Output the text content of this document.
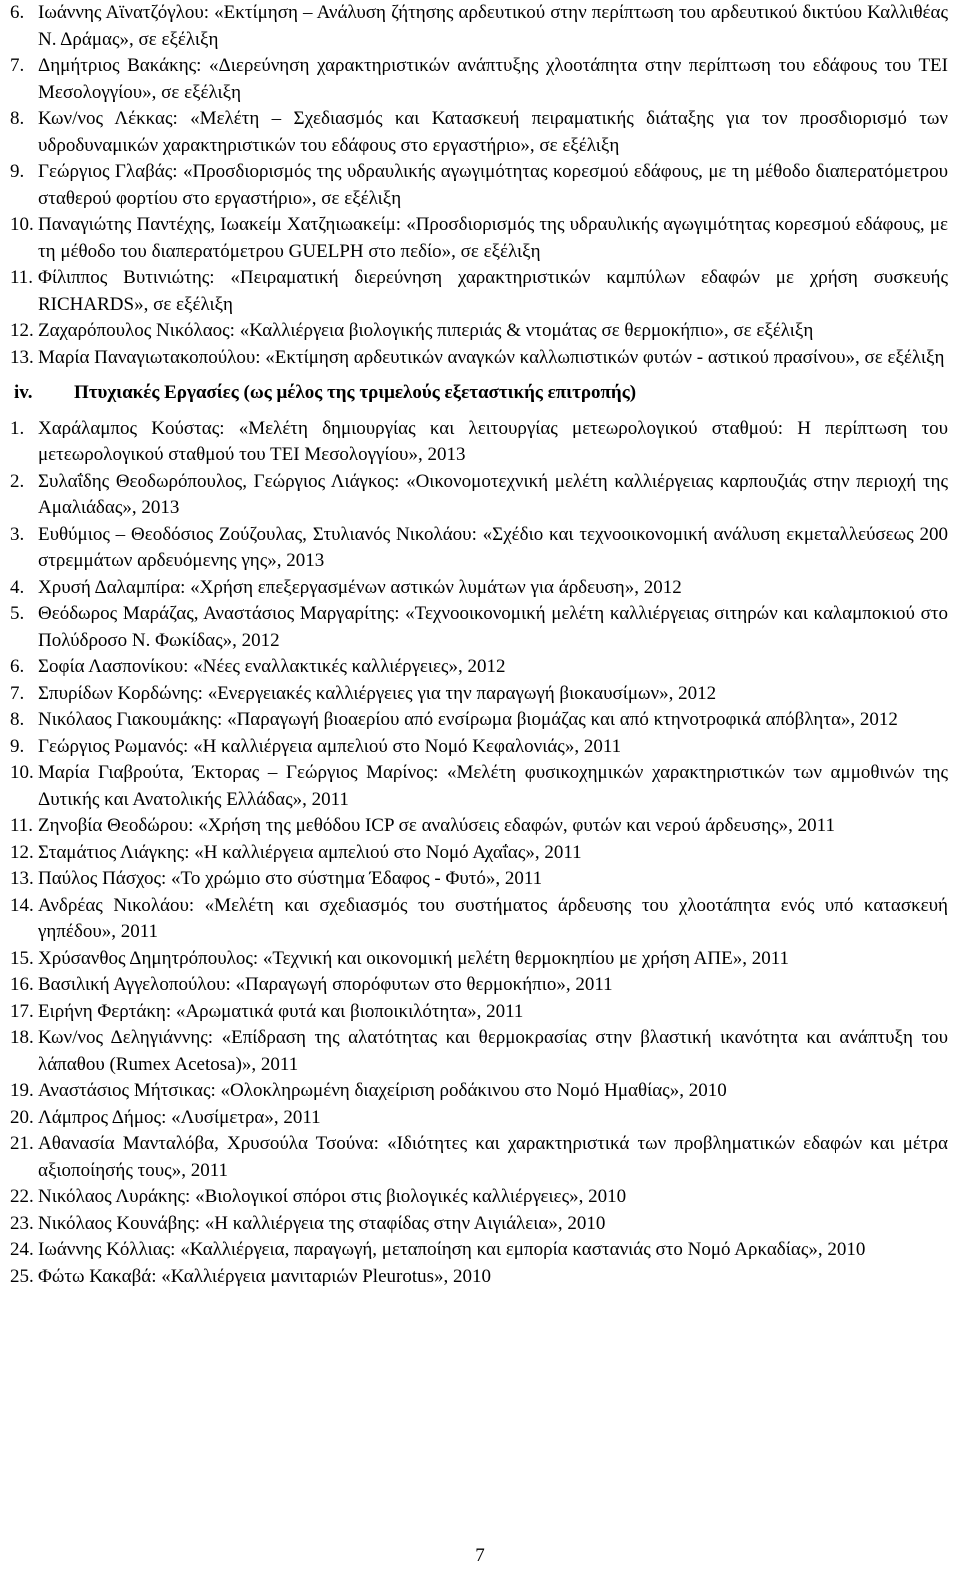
6. Ιωάννης Αϊνατζόγλου: «Εκτίμηση – Ανάλυση ζήτησης αρδευτικού στην περίπτωση του αρδευτικού δικτύου Καλλιθέας Ν. Δράμας», σε εξέλιξη
7. Δημήτριος Βακάκης: «Διερεύνηση χαρακτηριστικών ανάπτυξης χλοοτάπητα στην περίπτωση του εδάφους του ΤΕΙ Μεσολογγίου», σε εξέλιξη
8. Κων/νος Λέκκας: «Μελέτη – Σχεδιασμός και Κατασκευή πειραματικής διάταξης για τον προσδιορισμό των υδροδυναμικών χαρακτηριστικών του εδάφους στο εργαστήριο», σε εξέλιξη
9. Γεώργιος Γλαβάς: «Προσδιορισμός της υδραυλικής αγωγιμότητας κορεσμού εδάφους, με τη μέθοδο διαπερατόμετρου σταθερού φορτίου στο εργαστήριο», σε εξέλιξη
10. Παναγιώτης Παντέχης, Ιωακείμ Χατζηιωακείμ: «Προσδιορισμός της υδραυλικής αγωγιμότητας κορεσμού εδάφους, με τη μέθοδο του διαπερατόμετρου GUELPH στο πεδίο», σε εξέλιξη
11. Φίλιππος Βυτινιώτης: «Πειραματική διερεύνηση χαρακτηριστικών καμπύλων εδαφών με χρήση συσκευής RICHARDS», σε εξέλιξη
12. Ζαχαρόπουλος Νικόλαος: «Καλλιέργεια βιολογικής πιπεριάς & ντομάτας σε θερμοκήπιο», σε εξέλιξη
13. Μαρία Παναγιωτακοπούλου: «Εκτίμηση αρδευτικών αναγκών καλλωπιστικών φυτών - αστικού πρασίνου», σε εξέλιξη
iv.	Πτυχιακές Εργασίες (ως μέλος της τριμελούς εξεταστικής επιτροπής)
1. Χαράλαμπος Κούστας: «Μελέτη δημιουργίας και λειτουργίας μετεωρολογικού σταθμού: Η περίπτωση του μετεωρολογικού σταθμού του ΤΕΙ Μεσολογγίου», 2013
2. Συλαΐδης Θεοδωρόπουλος, Γεώργιος Λιάγκος: «Οικονομοτεχνική μελέτη καλλιέργειας καρπουζιάς στην περιοχή της Αμαλιάδας», 2013
3. Ευθύμιος – Θεοδόσιος Ζούζουλας, Στυλιανός Νικολάου: «Σχέδιο και τεχνοοικονομική ανάλυση εκμεταλλεύσεως 200 στρεμμάτων αρδευόμενης γης», 2013
4. Χρυσή Δαλαμπίρα: «Χρήση επεξεργασμένων αστικών λυμάτων για άρδευση», 2012
5. Θεόδωρος Μαράζας, Αναστάσιος Μαργαρίτης: «Τεχνοοικονομική μελέτη καλλιέργειας σιτηρών και καλαμποκιού στο Πολύδροσο Ν. Φωκίδας», 2012
6. Σοφία Λασπονίκου: «Νέες εναλλακτικές καλλιέργειες», 2012
7. Σπυρίδων Κορδώνης: «Ενεργειακές καλλιέργειες για την παραγωγή βιοκαυσίμων», 2012
8. Νικόλαος Γιακουμάκης: «Παραγωγή βιοαερίου από ενσίρωμα βιομάζας και από κτηνοτροφικά απόβλητα», 2012
9. Γεώργιος Ρωμανός: «Η καλλιέργεια αμπελιού στο Νομό Κεφαλονιάς», 2011
10. Μαρία Γιαβρούτα, Έκτορας – Γεώργιος Μαρίνος: «Μελέτη φυσικοχημικών χαρακτηριστικών των αμμοθινών της Δυτικής και Ανατολικής Ελλάδας», 2011
11. Ζηνοβία Θεοδώρου: «Χρήση της μεθόδου ICP σε αναλύσεις εδαφών, φυτών και νερού άρδευσης», 2011
12. Σταμάτιος Λιάγκης: «Η καλλιέργεια αμπελιού στο Νομό Αχαΐας», 2011
13. Παύλος Πάσχος: «Το χρώμιο στο σύστημα Έδαφος - Φυτό», 2011
14. Ανδρέας Νικολάου: «Μελέτη και σχεδιασμός του συστήματος άρδευσης του χλοοτάπητα ενός υπό κατασκευή γηπέδου», 2011
15. Χρύσανθος Δημητρόπουλος: «Τεχνική και οικονομική μελέτη θερμοκηπίου με χρήση ΑΠΕ», 2011
16. Βασιλική Αγγελοπούλου: «Παραγωγή σπορόφυτων στο θερμοκήπιο», 2011
17. Ειρήνη Φερτάκη: «Αρωματικά φυτά και βιοποικιλότητα», 2011
18. Κων/νος Δεληγιάννης: «Επίδραση της αλατότητας και θερμοκρασίας στην βλαστική ικανότητα και ανάπτυξη του λάπαθου (Rumex Acetosa)», 2011
19. Αναστάσιος Μήτσικας: «Ολοκληρωμένη διαχείριση ροδάκινου στο Νομό Ημαθίας», 2010
20. Λάμπρος Δήμος: «Λυσίμετρα», 2011
21. Αθανασία Μανταλόβα, Χρυσούλα Τσούνα: «Ιδιότητες και χαρακτηριστικά των προβληματικών εδαφών και μέτρα αξιοποίησής τους», 2011
22. Νικόλαος Λυράκης: «Βιολογικοί σπόροι στις βιολογικές καλλιέργειες», 2010
23. Νικόλαος Κουνάβης: «Η καλλιέργεια της σταφίδας στην Αιγιάλεια», 2010
24. Ιωάννης Κόλλιας: «Καλλιέργεια, παραγωγή, μεταποίηση και εμπορία καστανιάς στο Νομό Αρκαδίας», 2010
25. Φώτω Κακαβά: «Καλλιέργεια μανιταριών Pleurotus», 2010
7
